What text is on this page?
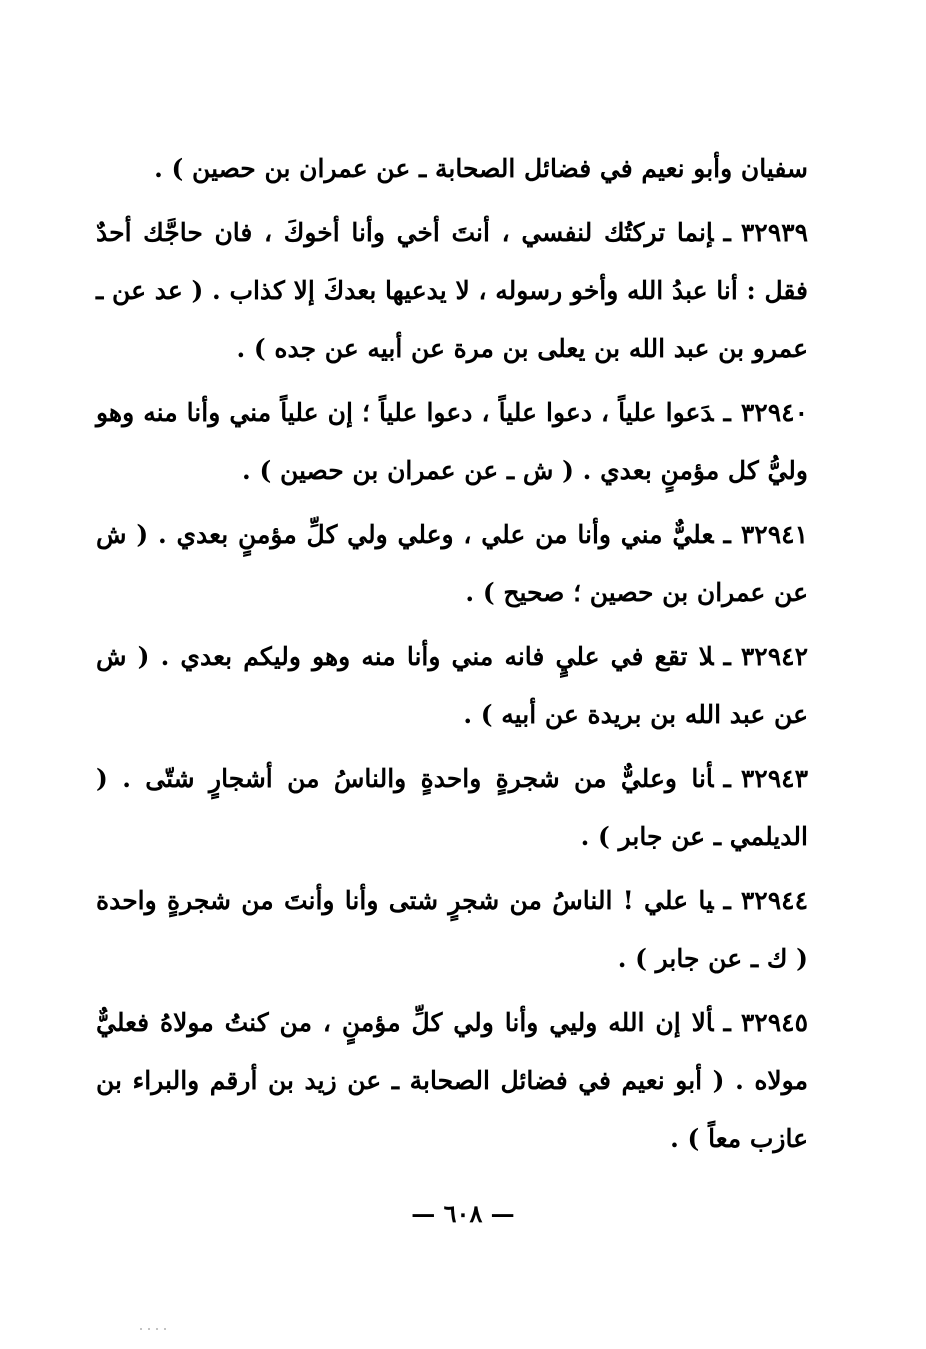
سفيان وأبو نعيم في فضائل الصحابة ـ عن عمران بن حصين ) .

٣٢٩٣٩ـإنما تركتُك لنفسي ، أنتَ أخي وأنا أخوكَ ، فان حاجَّك أحدٌ فقل : أنا عبدُ الله وأخو رسوله ، لا يدعيها بعدكَ إلا كذاب . ( عد عن ـ عمرو بن عبد الله بن يعلى بن مرة عن أبيه عن جده ) .

٣٢٩٤٠ـدَعوا علياً ، دعوا علياً ، دعوا علياً ؛ إن علياً مني وأنا منه وهو وليُّ كل مؤمنٍ بعدي . ( ش ـ عن عمران بن حصين ) .

٣٢٩٤١ـعليٌّ مني وأنا من علي ، وعلي ولي كلِّ مؤمنٍ بعدي . ( ش عن عمران بن حصين ؛ صحيح ) .

٣٢٩٤٢ـلا تقع في عليٍ فانه مني وأنا منه وهو وليكم بعدي . ( ش عن عبد الله بن بريدة عن أبيه ) .

٣٢٩٤٣ـأنا وعليٌّ من شجرةٍ واحدةٍ والناسُ من أشجارٍ شتّى . ( الديلمي ـ عن جابر ) .

٣٢٩٤٤ـيا علي ! الناسُ من شجرٍ شتى وأنا وأنتَ من شجرةٍ واحدة ( ك ـ عن جابر ) .

٣٢٩٤٥ـألا إن الله وليي وأنا ولي كلِّ مؤمنٍ ، من كنتُ مولاهُ فعليٌّ مولاه . ( أبو نعيم في فضائل الصحابة ـ عن زيد بن أرقم والبراء بن عازب معاً ) .

— ٦٠٨ —
